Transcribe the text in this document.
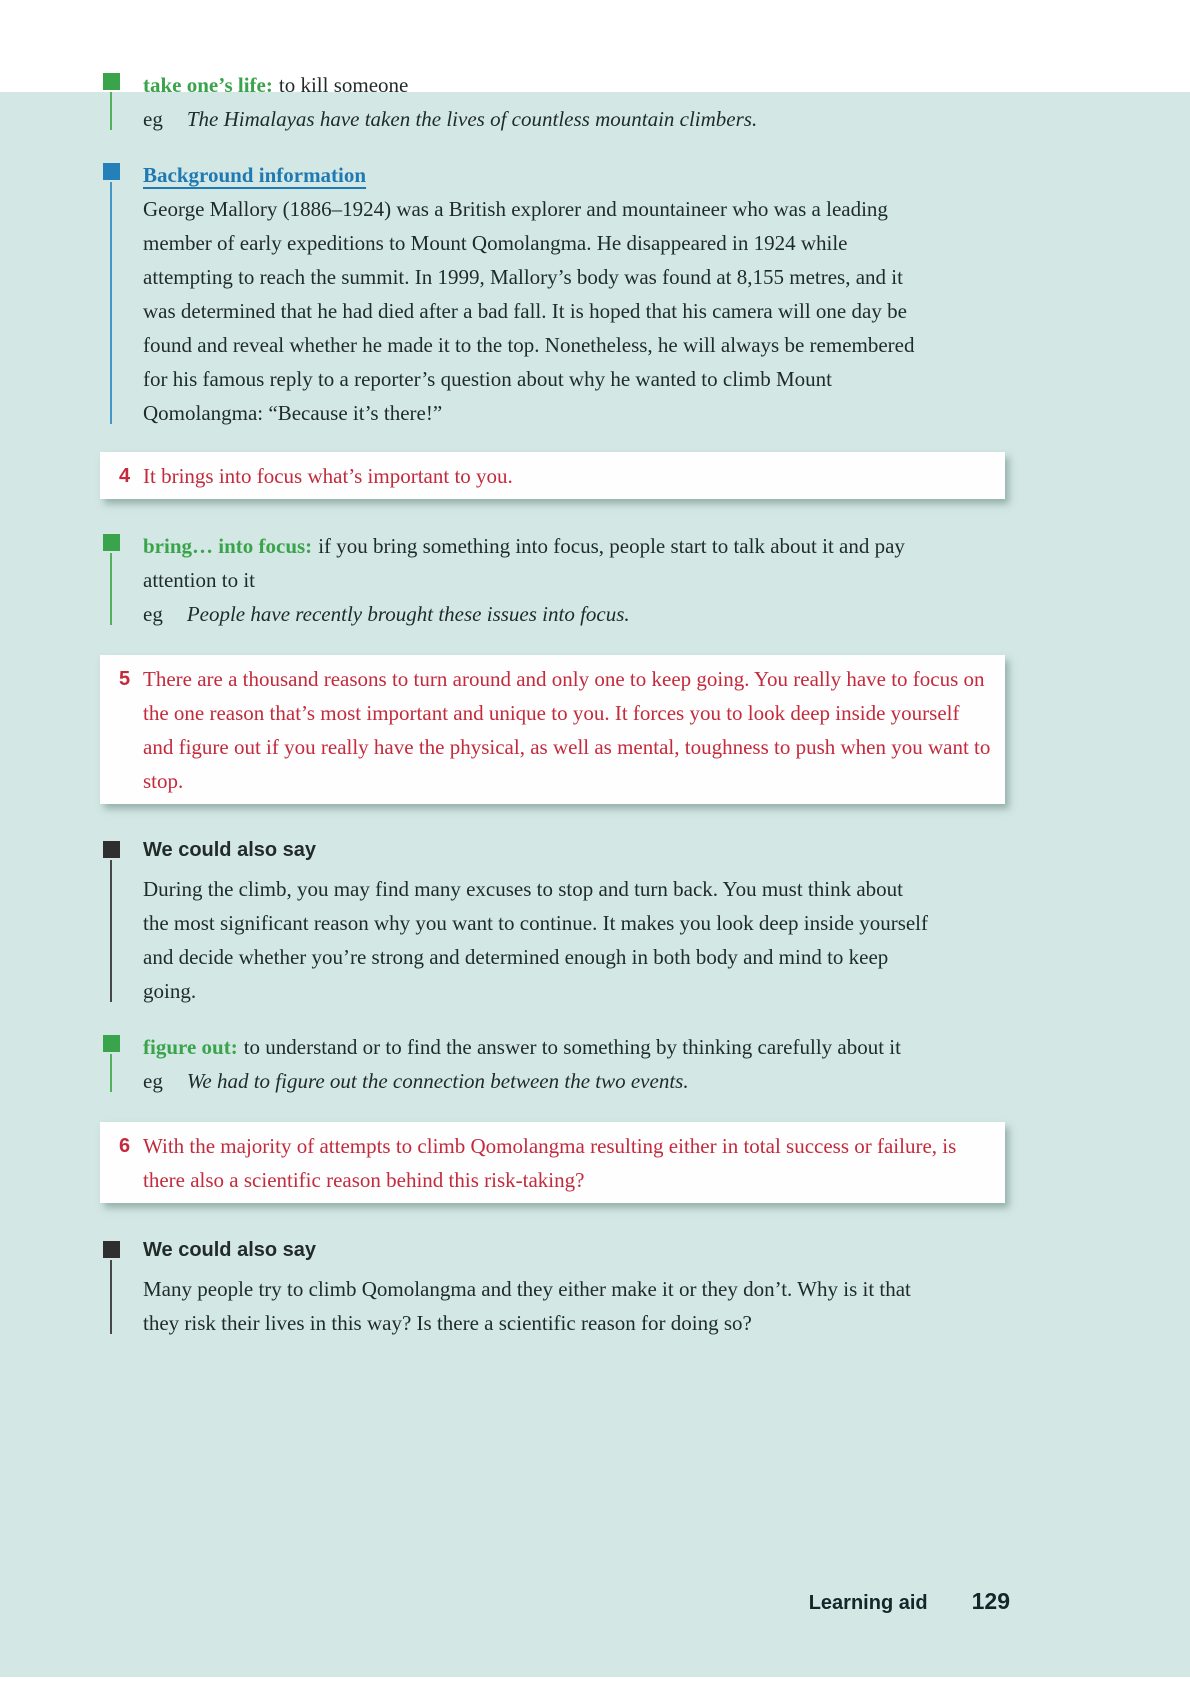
take one’s life: to kill someone

eg The Himalayas have taken the lives of countless mountain climbers.

Background information

George Mallory (1886–1924) was a British explorer and mountaineer who was a leading member of early expeditions to Mount Qomolangma. He disappeared in 1924 while attempting to reach the summit. In 1999, Mallory’s body was found at 8,155 metres, and it was determined that he had died after a bad fall. It is hoped that his camera will one day be found and reveal whether he made it to the top. Nonetheless, he will always be remembered for his famous reply to a reporter’s question about why he wanted to climb Mount Qomolangma: “Because it’s there!”

4 It brings into focus what’s important to you.

bring… into focus: if you bring something into focus, people start to talk about it and pay attention to it

eg People have recently brought these issues into focus.

5 There are a thousand reasons to turn around and only one to keep going. You really have to focus on the one reason that’s most important and unique to you. It forces you to look deep inside yourself and figure out if you really have the physical, as well as mental, toughness to push when you want to stop.

We could also say

During the climb, you may find many excuses to stop and turn back. You must think about the most significant reason why you want to continue. It makes you look deep inside yourself and decide whether you’re strong and determined enough in both body and mind to keep going.

figure out: to understand or to find the answer to something by thinking carefully about it

eg We had to figure out the connection between the two events.

6 With the majority of attempts to climb Qomolangma resulting either in total success or failure, is there also a scientific reason behind this risk-taking?

We could also say

Many people try to climb Qomolangma and they either make it or they don’t. Why is it that they risk their lives in this way? Is there a scientific reason for doing so?

Learning aid 129
